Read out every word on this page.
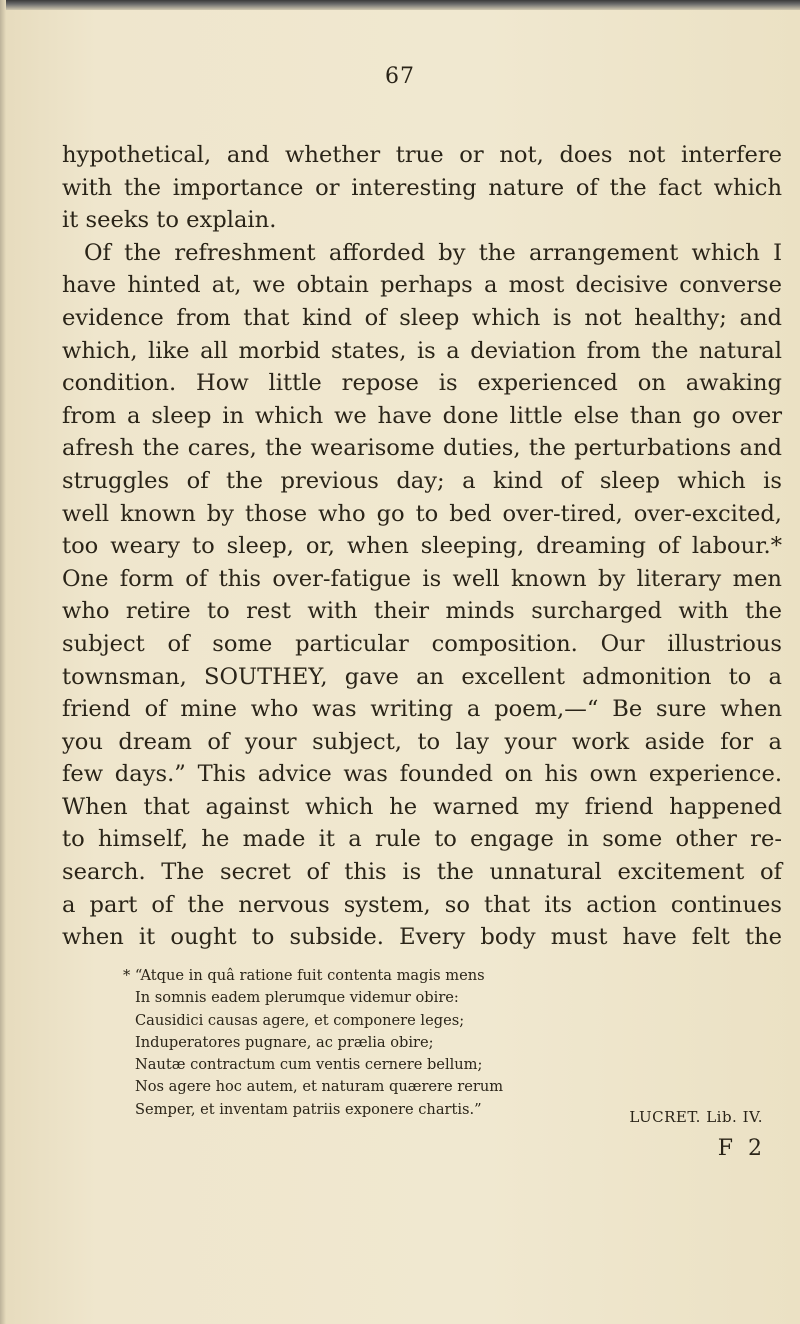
67
hypothetical, and whether true or not, does not interfere
with the importance or interesting nature of the fact which
it seeks to explain.
Of the refreshment afforded by the arrangement which I
have hinted at, we obtain perhaps a most decisive converse
evidence from that kind of sleep which is not healthy; and
which, like all morbid states, is a deviation from the natural
condition. How little repose is experienced on awaking
from a sleep in which we have done little else than go over
afresh the cares, the wearisome duties, the perturbations and
struggles of the previous day; a kind of sleep which is
well known by those who go to bed over-tired, over-excited,
too weary to sleep, or, when sleeping, dreaming of labour.*
One form of this over-fatigue is well known by literary men
who retire to rest with their minds surcharged with the
subject of some particular composition. Our illustrious
townsman, SOUTHEY, gave an excellent admonition to a
friend of mine who was writing a poem,—“ Be sure when
you dream of your subject, to lay your work aside for a
few days.” This advice was founded on his own experience.
When that against which he warned my friend happened
to himself, he made it a rule to engage in some other re-
search. The secret of this is the unnatural excitement of
a part of the nervous system, so that its action continues
when it ought to subside. Every body must have felt the
* “Atque in quâ ratione fuit contenta magis mens
In somnis eadem plerumque videmur obire:
Causidici causas agere, et componere leges;
Induperatores pugnare, ac prælia obire;
Nautæ contractum cum ventis cernere bellum;
Nos agere hoc autem, et naturam quærere rerum
Semper, et inventam patriis exponere chartis.”	LUCRET. Lib. IV.
F 2
